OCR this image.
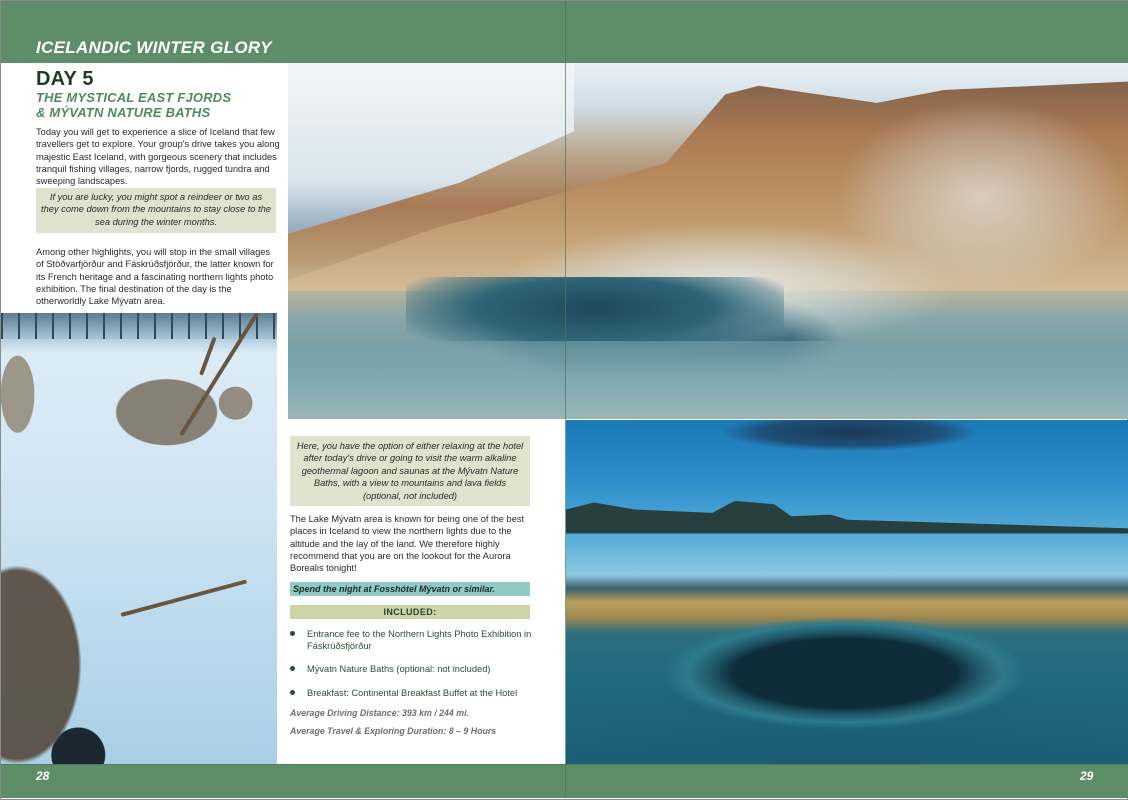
ICELANDIC WINTER GLORY
DAY 5
THE MYSTICAL EAST FJORDS
& MÝVATN NATURE BATHS

Today you will get to experience a slice of Iceland that few travellers get to explore. Your group's drive takes you along majestic East Iceland, with gorgeous scenery that includes tranquil fishing villages, narrow fjords, rugged tundra and sweeping landscapes.

If you are lucky, you might spot a reindeer or two as they come down from the mountains to stay close to the sea during the winter months.

Among other highlights, you will stop in the small villages of Stöðvarfjörður and Fáskrúðsfjörður, the latter known for its French heritage and a fascinating northern lights photo exhibition. The final destination of the day is the otherworldly Lake Mývatn area.

Here, you have the option of either relaxing at the hotel after today's drive or going to visit the warm alkaline geothermal lagoon and saunas at the Mývatn Nature Baths, with a view to mountains and lava fields (optional, not included)

The Lake Mývatn area is known for being one of the best places in Iceland to view the northern lights due to the altitude and the lay of the land. We therefore highly recommend that you are on the lookout for the Aurora Borealis tonight!

Spend the night at Fosshótel Mývatn or similar.
INCLUDED:
Entrance fee to the Northern Lights Photo Exhibition in Fáskrúðsfjörður
Mývatn Nature Baths (optional: not included)
Breakfast: Continental Breakfast Buffet at the Hotel
Average Driving Distance: 393 km / 244 mi.
Average Travel & Exploring Duration: 8 – 9 Hours
28	29
